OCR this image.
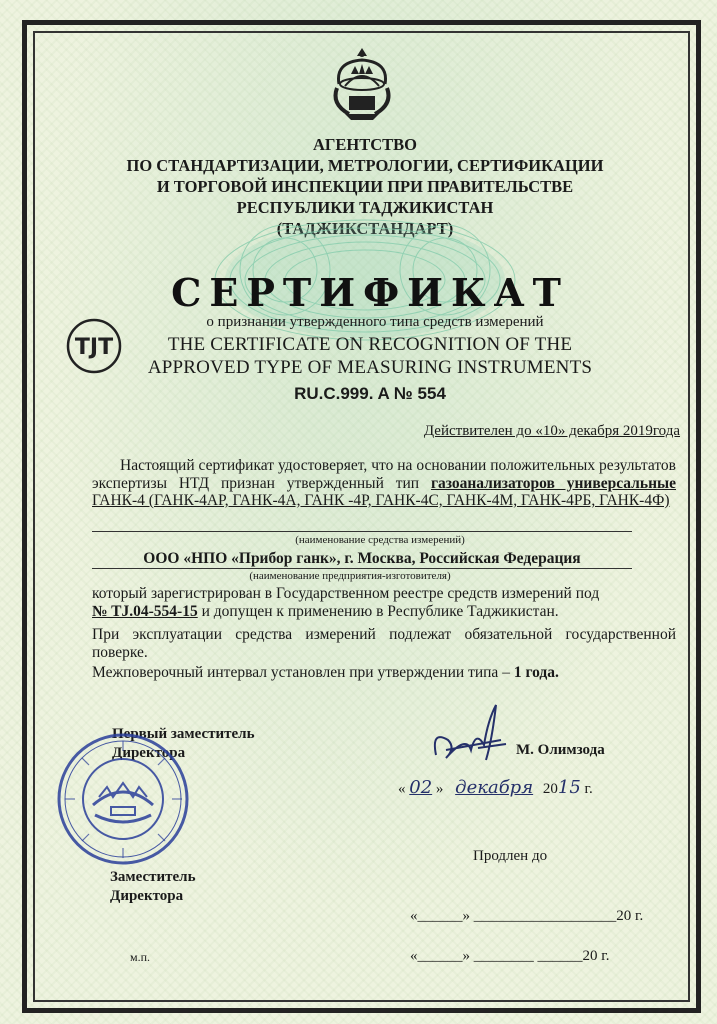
АГЕНТСТВО
ПО СТАНДАРТИЗАЦИИ, МЕТРОЛОГИИ, СЕРТИФИКАЦИИ
И ТОРГОВОЙ ИНСПЕКЦИИ ПРИ ПРАВИТЕЛЬСТВЕ
РЕСПУБЛИКИ ТАДЖИКИСТАН
(ТАДЖИКСТАНДАРТ)
СЕРТИФИКАТ
TJT
о признании утвержденного типа средств измерений
THE CERTIFICATE ON RECOGNITION OF THE
APPROVED TYPE OF MEASURING INSTRUMENTS
RU.C.999. A № 554
Действителен до «10» декабря 2019года
Настоящий сертификат удостоверяет, что на основании положительных результатов экспертизы НТД признан утвержденный тип газоанализаторов универсальные ГАНК-4 (ГАНК-4АР, ГАНК-4А, ГАНК -4Р, ГАНК-4С, ГАНК-4М, ГАНК-4РБ, ГАНК-4Ф)
(наименование средства измерений)
ООО «НПО «Прибор ганк», г. Москва, Российская Федерация
(наименование предприятия-изготовителя)
который зарегистрирован в Государственном реестре средств измерений под
№ TJ.04-554-15 и допущен к применению в Республике Таджикистан.
При эксплуатации средства измерений подлежат обязательной государственной поверке.
Межповерочный интервал установлен при утверждении типа – 1 года.
Первый заместитель
Директора	М. Олимзода
« 02 » декабря 2015 г.
Продлен до
Заместитель
Директора
«______» ___________________20 г.
«______» ________ ______20 г.
м.п.
